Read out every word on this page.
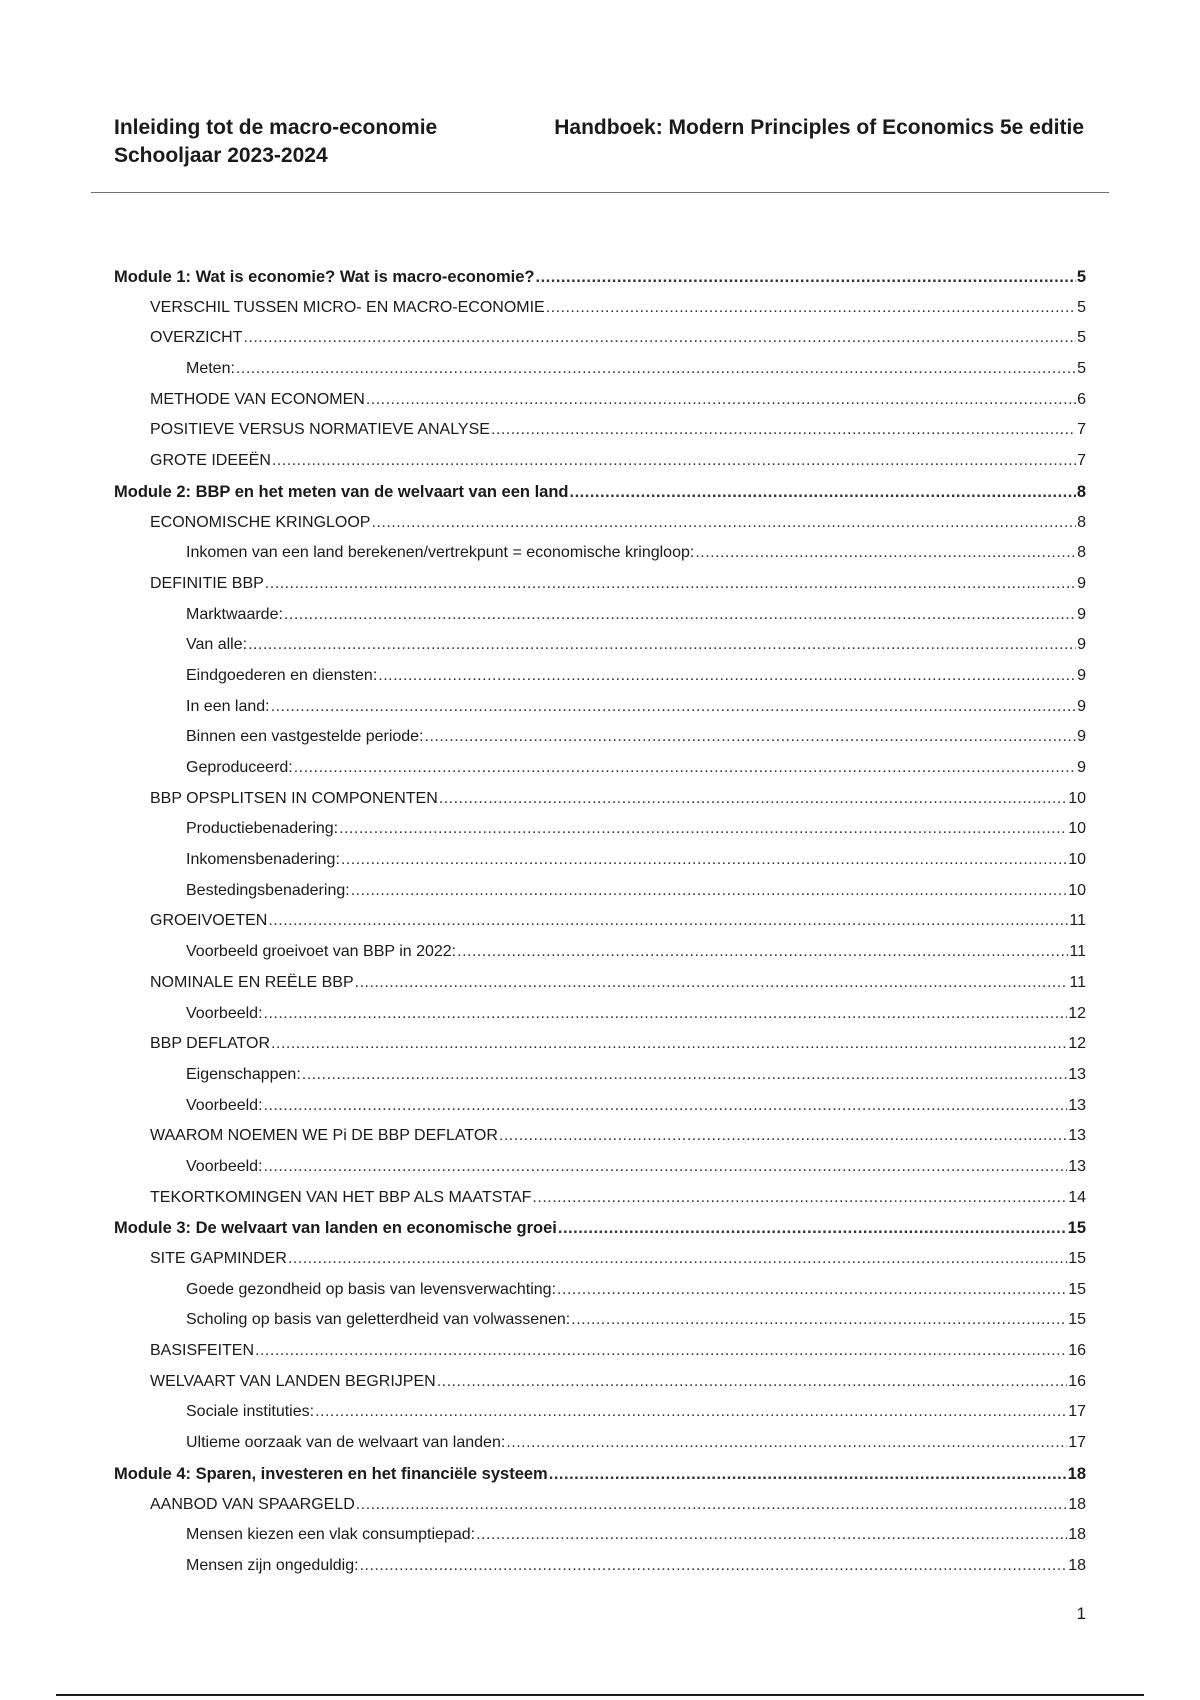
Inleiding tot de macro-economie
Schooljaar 2023-2024
Handboek: Modern Principles of Economics 5e editie
Module 1: Wat is economie? Wat is macro-economie? .....	5
VERSCHIL TUSSEN MICRO- EN MACRO-ECONOMIE .....	5
OVERZICHT .....	5
Meten: .....	5
METHODE VAN ECONOMEN .....	6
POSITIEVE VERSUS NORMATIEVE ANALYSE .....	7
GROTE IDEEËN .....	7
Module 2: BBP en het meten van de welvaart van een land .....	8
ECONOMISCHE KRINGLOOP .....	8
Inkomen van een land berekenen/vertrekpunt = economische kringloop: .....	8
DEFINITIE BBP .....	9
Marktwaarde: .....	9
Van alle: .....	9
Eindgoederen en diensten: .....	9
In een land: .....	9
Binnen een vastgestelde periode: .....	9
Geproduceerd: .....	9
BBP OPSPLITSEN IN COMPONENTEN .....	10
Productiebenadering: .....	10
Inkomensbenadering: .....	10
Bestedingsbenadering: .....	10
GROEIVOETEN .....	11
Voorbeeld groeivoet van BBP in 2022: .....	11
NOMINALE EN REËLE BBP .....	11
Voorbeeld: .....	12
BBP DEFLATOR .....	12
Eigenschappen: .....	13
Voorbeeld: .....	13
WAAROM NOEMEN WE Pi DE BBP DEFLATOR .....	13
Voorbeeld: .....	13
TEKORTKOMINGEN VAN HET BBP ALS MAATSTAF .....	14
Module 3: De welvaart van landen en economische groei .....	15
SITE GAPMINDER .....	15
Goede gezondheid op basis van levensverwachting: .....	15
Scholing op basis van geletterdheid van volwassenen: .....	15
BASISFEITEN .....	16
WELVAART VAN LANDEN BEGRIJPEN .....	16
Sociale instituties: .....	17
Ultieme oorzaak van de welvaart van landen: .....	17
Module 4: Sparen, investeren en het financiële systeem .....	18
AANBOD VAN SPAARGELD .....	18
Mensen kiezen een vlak consumptiepad: .....	18
Mensen zijn ongeduldig: .....	18
1
